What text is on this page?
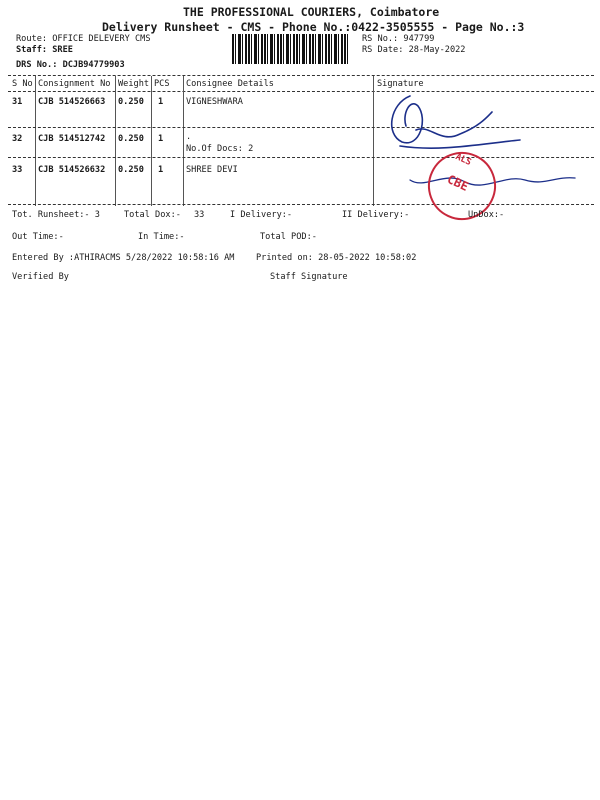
THE PROFESSIONAL COURIERS, Coimbatore
Delivery Runsheet - CMS - Phone No.:0422-3505555 - Page No.:3
Route: OFFICE DELEVERY CMS
Staff: SREE
DRS No.: DCJB94779903
RS No.: 947799
RS Date: 28-May-2022
S No Consignment No Weight PCS Consignee Details	Signature
31 CJB 514526663 0.250 1	VIGNESHWARA
32 CJB 514512742 0.250 1	.
No.Of Docs: 2
33 CJB 514526632 0.250 1	SHREE DEVI
ALS
CBE
Tot. Runsheet:- 3	Total Dox:- 33	I Delivery:-	II Delivery:-	UnDox:-
Out Time:-	In Time:-	Total POD:-
Entered By :ATHIRACMS 5/28/2022 10:58:16 AM	Printed on: 28-05-2022 10:58:02
Verified By	Staff Signature
